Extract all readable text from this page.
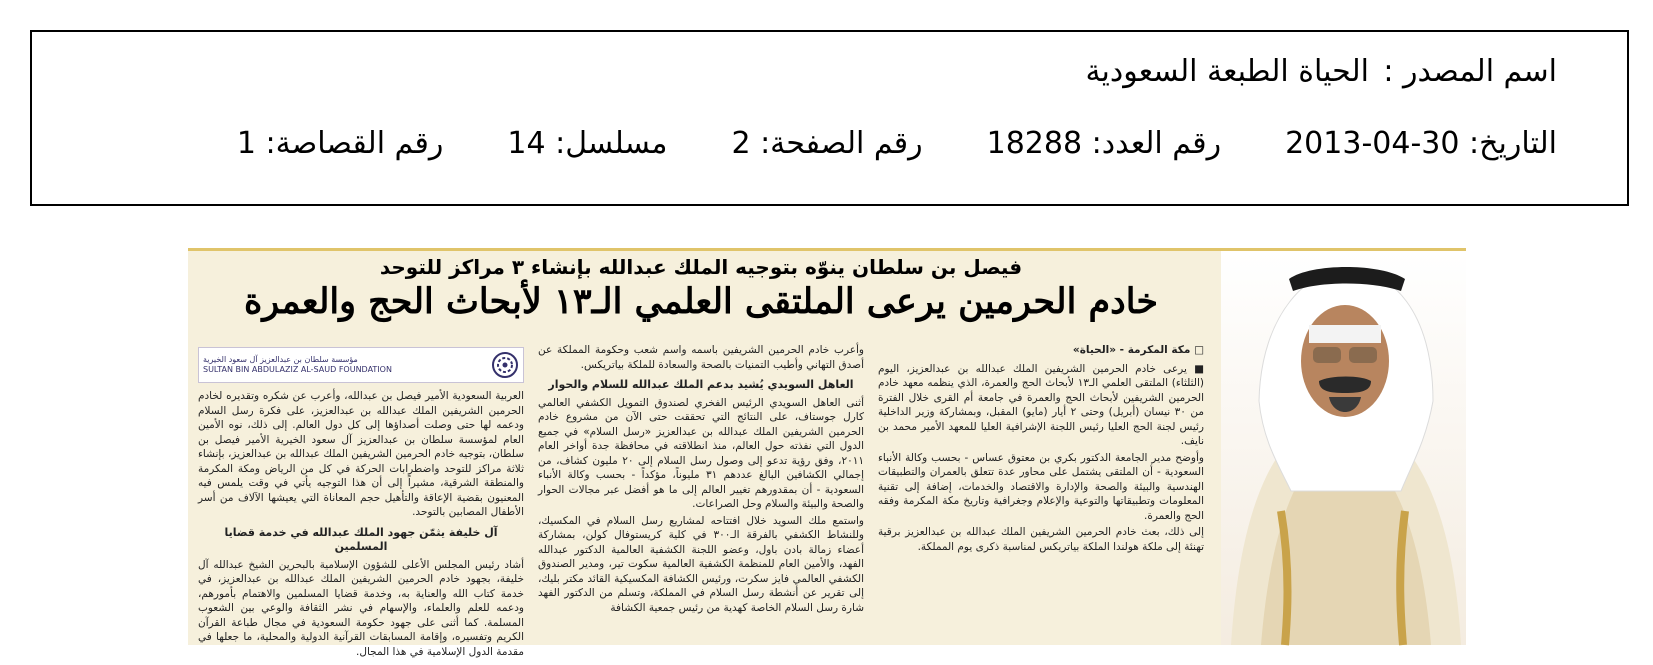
اسم المصدر :
الحياة الطبعة السعودية
التاريخ: 30-04-2013
رقم العدد: 18288
رقم الصفحة: 2
مسلسل: 14
رقم القصاصة: 1
فيصل بن سلطان ينوّه بتوجيه الملك عبدالله بإنشاء ٣ مراكز للتوحد
خادم الحرمين يرعى الملتقى العلمي الـ١٣ لأبحاث الحج والعمرة
□ مكة المكرمة - «الحياة»

■ يرعى خادم الحرمين الشريفين الملك عبدالله بن عبدالعزيز، اليوم (الثلثاء) الملتقى العلمي الـ١٣ لأبحاث الحج والعمرة، الذي ينظمه معهد خادم الحرمين الشريفين لأبحاث الحج والعمرة في جامعة أم القرى خلال الفترة من ٣٠ نيسان (أبريل) وحتى ٢ أيار (مايو) المقبل، وبمشاركة وزير الداخلية رئيس لجنة الحج العليا رئيس اللجنة الإشرافية العليا للمعهد الأمير محمد بن نايف.

وأوضح مدير الجامعة الدكتور بكري بن معتوق عساس - بحسب وكالة الأنباء السعودية - أن الملتقى يشتمل على محاور عدة تتعلق بالعمران والتطبيقات الهندسية والبيئة والصحة والإدارة والاقتصاد والخدمات، إضافة إلى تقنية المعلومات وتطبيقاتها والتوعية والإعلام وجغرافية وتاريخ مكة المكرمة وفقه الحج والعمرة.

إلى ذلك، بعث خادم الحرمين الشريفين الملك عبدالله بن عبدالعزيز برقية تهنئة إلى ملكة هولندا الملكة بياتريكس لمناسبة ذكرى يوم المملكة.

وأعرب خادم الحرمين الشريفين باسمه واسم شعب وحكومة المملكة عن أصدق التهاني وأطيب التمنيات بالصحة والسعادة للملكة بياتريكس.

العاهل السويدي يُشيد بدعم الملك عبدالله للسلام والحوار

أثنى العاهل السويدي الرئيس الفخري لصندوق التمويل الكشفي العالمي كارل جوستاف، على النتائج التي تحققت حتى الآن من مشروع خادم الحرمين الشريفين الملك عبدالله بن عبدالعزيز «رسل السلام» في جميع الدول التي نفذته حول العالم، منذ انطلاقته في محافظة جدة أواخر العام ٢٠١١، وفق رؤية تدعو إلى وصول رسل السلام إلى ٢٠ مليون كشاف، من إجمالي الكشافين البالغ عددهم ٣١ مليوناً، مؤكداً - بحسب وكالة الأنباء السعودية - أن بمقدورهم تغيير العالم إلى ما هو أفضل عبر مجالات الحوار والصحة والبيئة والسلام وحل الصراعات.

واستمع ملك السويد خلال افتتاحه لمشاريع رسل السلام في المكسيك، وللنشاط الكشفي بالفرقة الـ٣٠٠ في كلية كريستوفال كولن، بمشاركة أعضاء زمالة بادن باول، وعضو اللجنة الكشفية العالمية الدكتور عبدالله الفهد، والأمين العام للمنظمة الكشفية العالمية سكوت تير، ومدير الصندوق الكشفي العالمي فايز سكرت، ورئيس الكشافة المكسيكية القائد مكتر بليك، إلى تقرير عن أنشطة رسل السلام في المملكة، وتسلم من الدكتور الفهد شارة رسل السلام الخاصة كهدية من رئيس جمعية الكشافة

مؤسسة سلطان بن عبدالعزيز آل سعود الخيرية
SULTAN BIN ABDULAZIZ AL-SAUD FOUNDATION

العربية السعودية الأمير فيصل بن عبدالله، وأعرب عن شكره وتقديره لخادم الحرمين الشريفين الملك عبدالله بن عبدالعزيز، على فكرة رسل السلام ودعمه لها حتى وصلت أصداؤها إلى كل دول العالم. إلى ذلك، نوه الأمين العام لمؤسسة سلطان بن عبدالعزيز آل سعود الخيرية الأمير فيصل بن سلطان، بتوجيه خادم الحرمين الشريفين الملك عبدالله بن عبدالعزيز، بإنشاء ثلاثة مراكز للتوحد واضطرابات الحركة في كل من الرياض ومكة المكرمة والمنطقة الشرقية، مشيراً إلى أن هذا التوجيه يأتي في وقت يلمس فيه المعنيون بقضية الإعاقة والتأهيل حجم المعاناة التي يعيشها الآلاف من أسر الأطفال المصابين بالتوحد.

آل خليفة يثمّن جهود الملك عبدالله في خدمة قضايا المسلمين

أشاد رئيس المجلس الأعلى للشؤون الإسلامية بالبحرين الشيخ عبدالله آل خليفة، بجهود خادم الحرمين الشريفين الملك عبدالله بن عبدالعزيز، في خدمة كتاب الله والعناية به، وخدمة قضايا المسلمين والاهتمام بأمورهم، ودعمه للعلم والعلماء، والإسهام في نشر الثقافة والوعي بين الشعوب المسلمة. كما أثنى على جهود حكومة السعودية في مجال طباعة القرآن الكريم وتفسيره، وإقامة المسابقات القرآنية الدولية والمحلية، ما جعلها في مقدمة الدول الإسلامية في هذا المجال.
